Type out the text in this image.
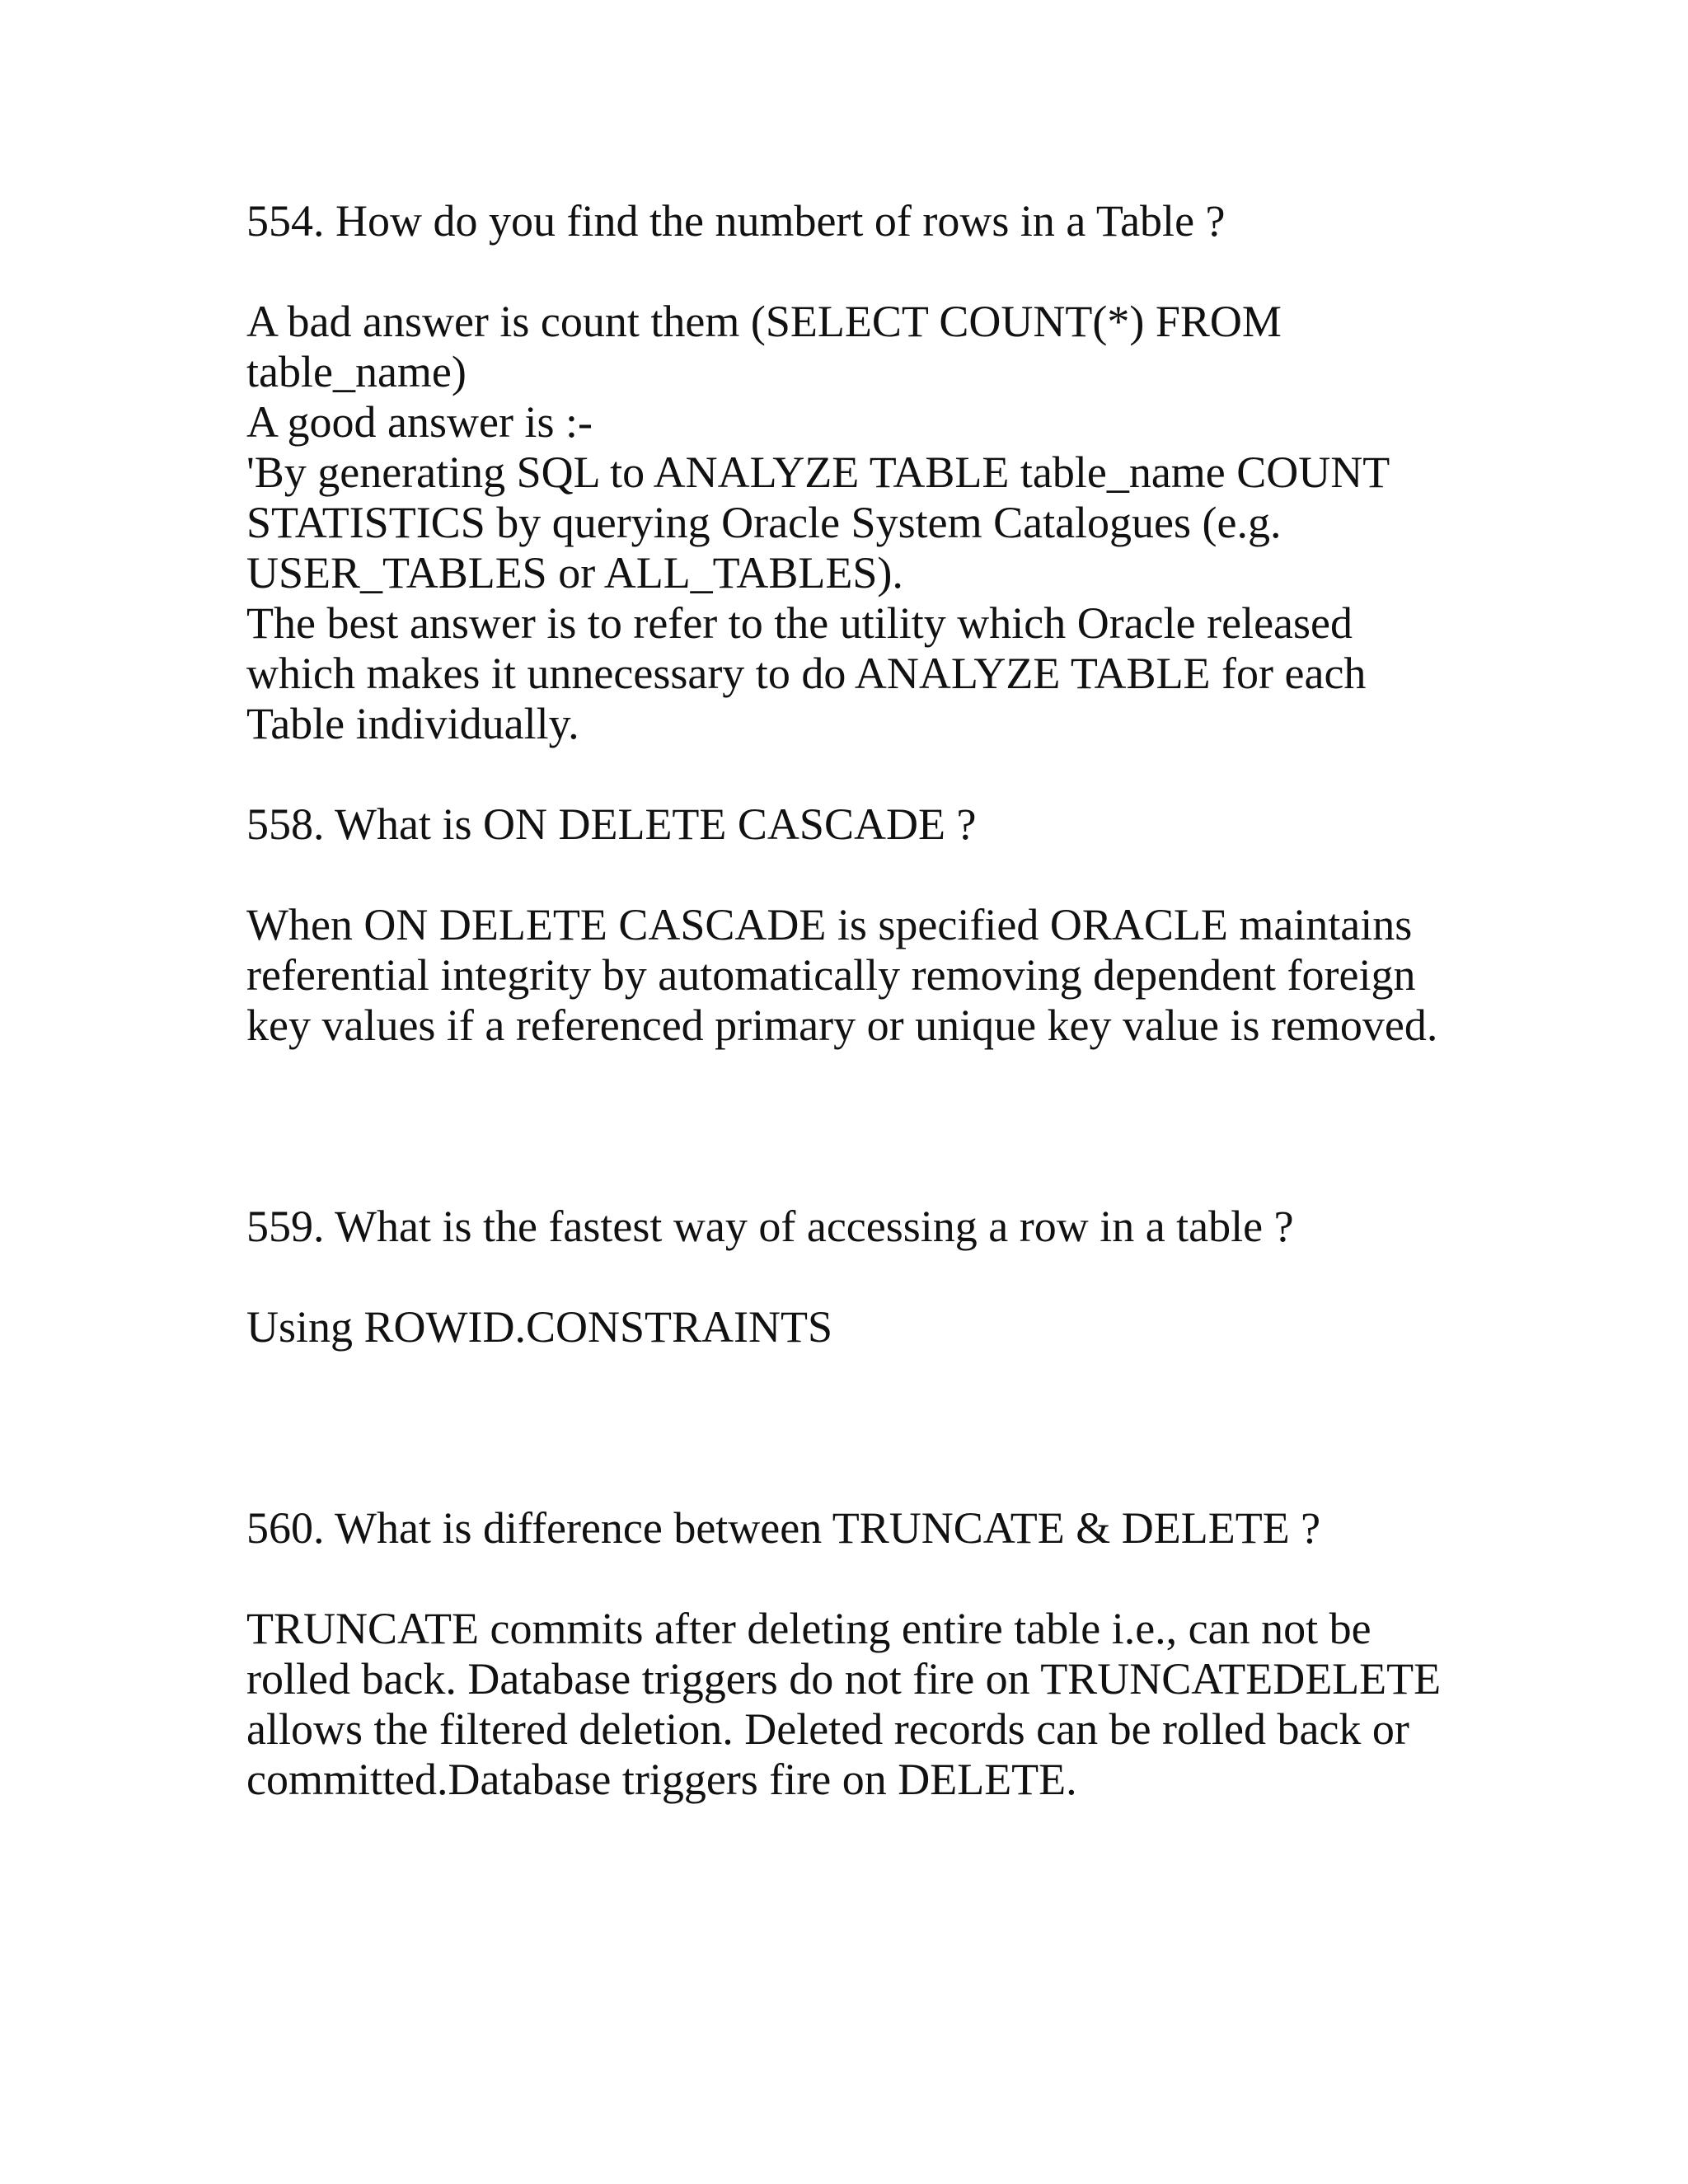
554. How do you find the numbert of rows in a Table ?

A bad answer is count them (SELECT COUNT(*) FROM

table_name)

A good answer is :-

'By generating SQL to ANALYZE TABLE table_name COUNT

STATISTICS by querying Oracle System Catalogues (e.g.

USER_TABLES or ALL_TABLES).

The best answer is to refer to the utility which Oracle released

which makes it unnecessary to do ANALYZE TABLE for each

Table individually.

558. What is ON DELETE CASCADE ?

When ON DELETE CASCADE is specified ORACLE maintains

referential integrity by automatically removing dependent foreign

key values if a referenced primary or unique key value is removed.

559. What is the fastest way of accessing a row in a table ?

Using ROWID.CONSTRAINTS

560. What is difference between TRUNCATE & DELETE ?

TRUNCATE commits after deleting entire table i.e., can not be

rolled back. Database triggers do not fire on TRUNCATEDELETE

allows the filtered deletion. Deleted records can be rolled back or

committed.Database triggers fire on DELETE.
